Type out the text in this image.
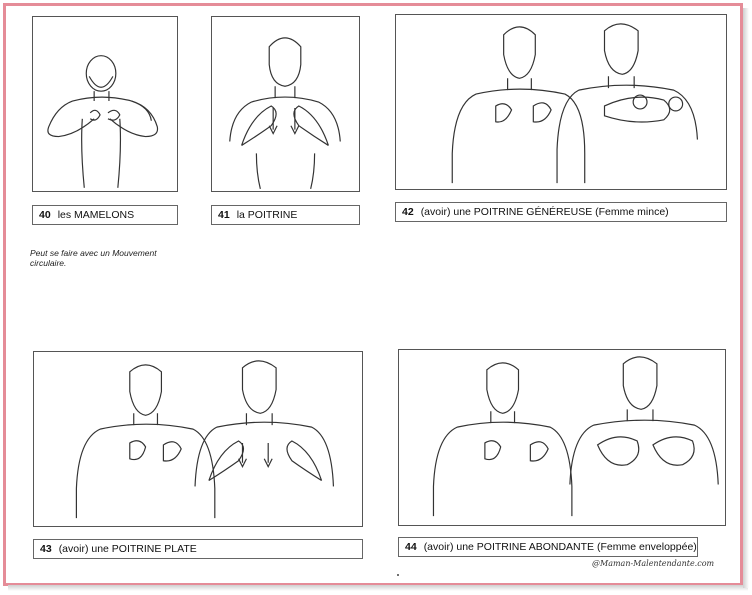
40 les MAMELONS	41 la POITRINE	42 (avoir) une POITRINE GÉNÉREUSE (Femme mince)
Peut se faire avec un Mouvement
circulaire.
43 (avoir) une POITRINE PLATE	44 (avoir) une POITRINE ABONDANTE (Femme enveloppée)
@Maman-Malentendante.com
